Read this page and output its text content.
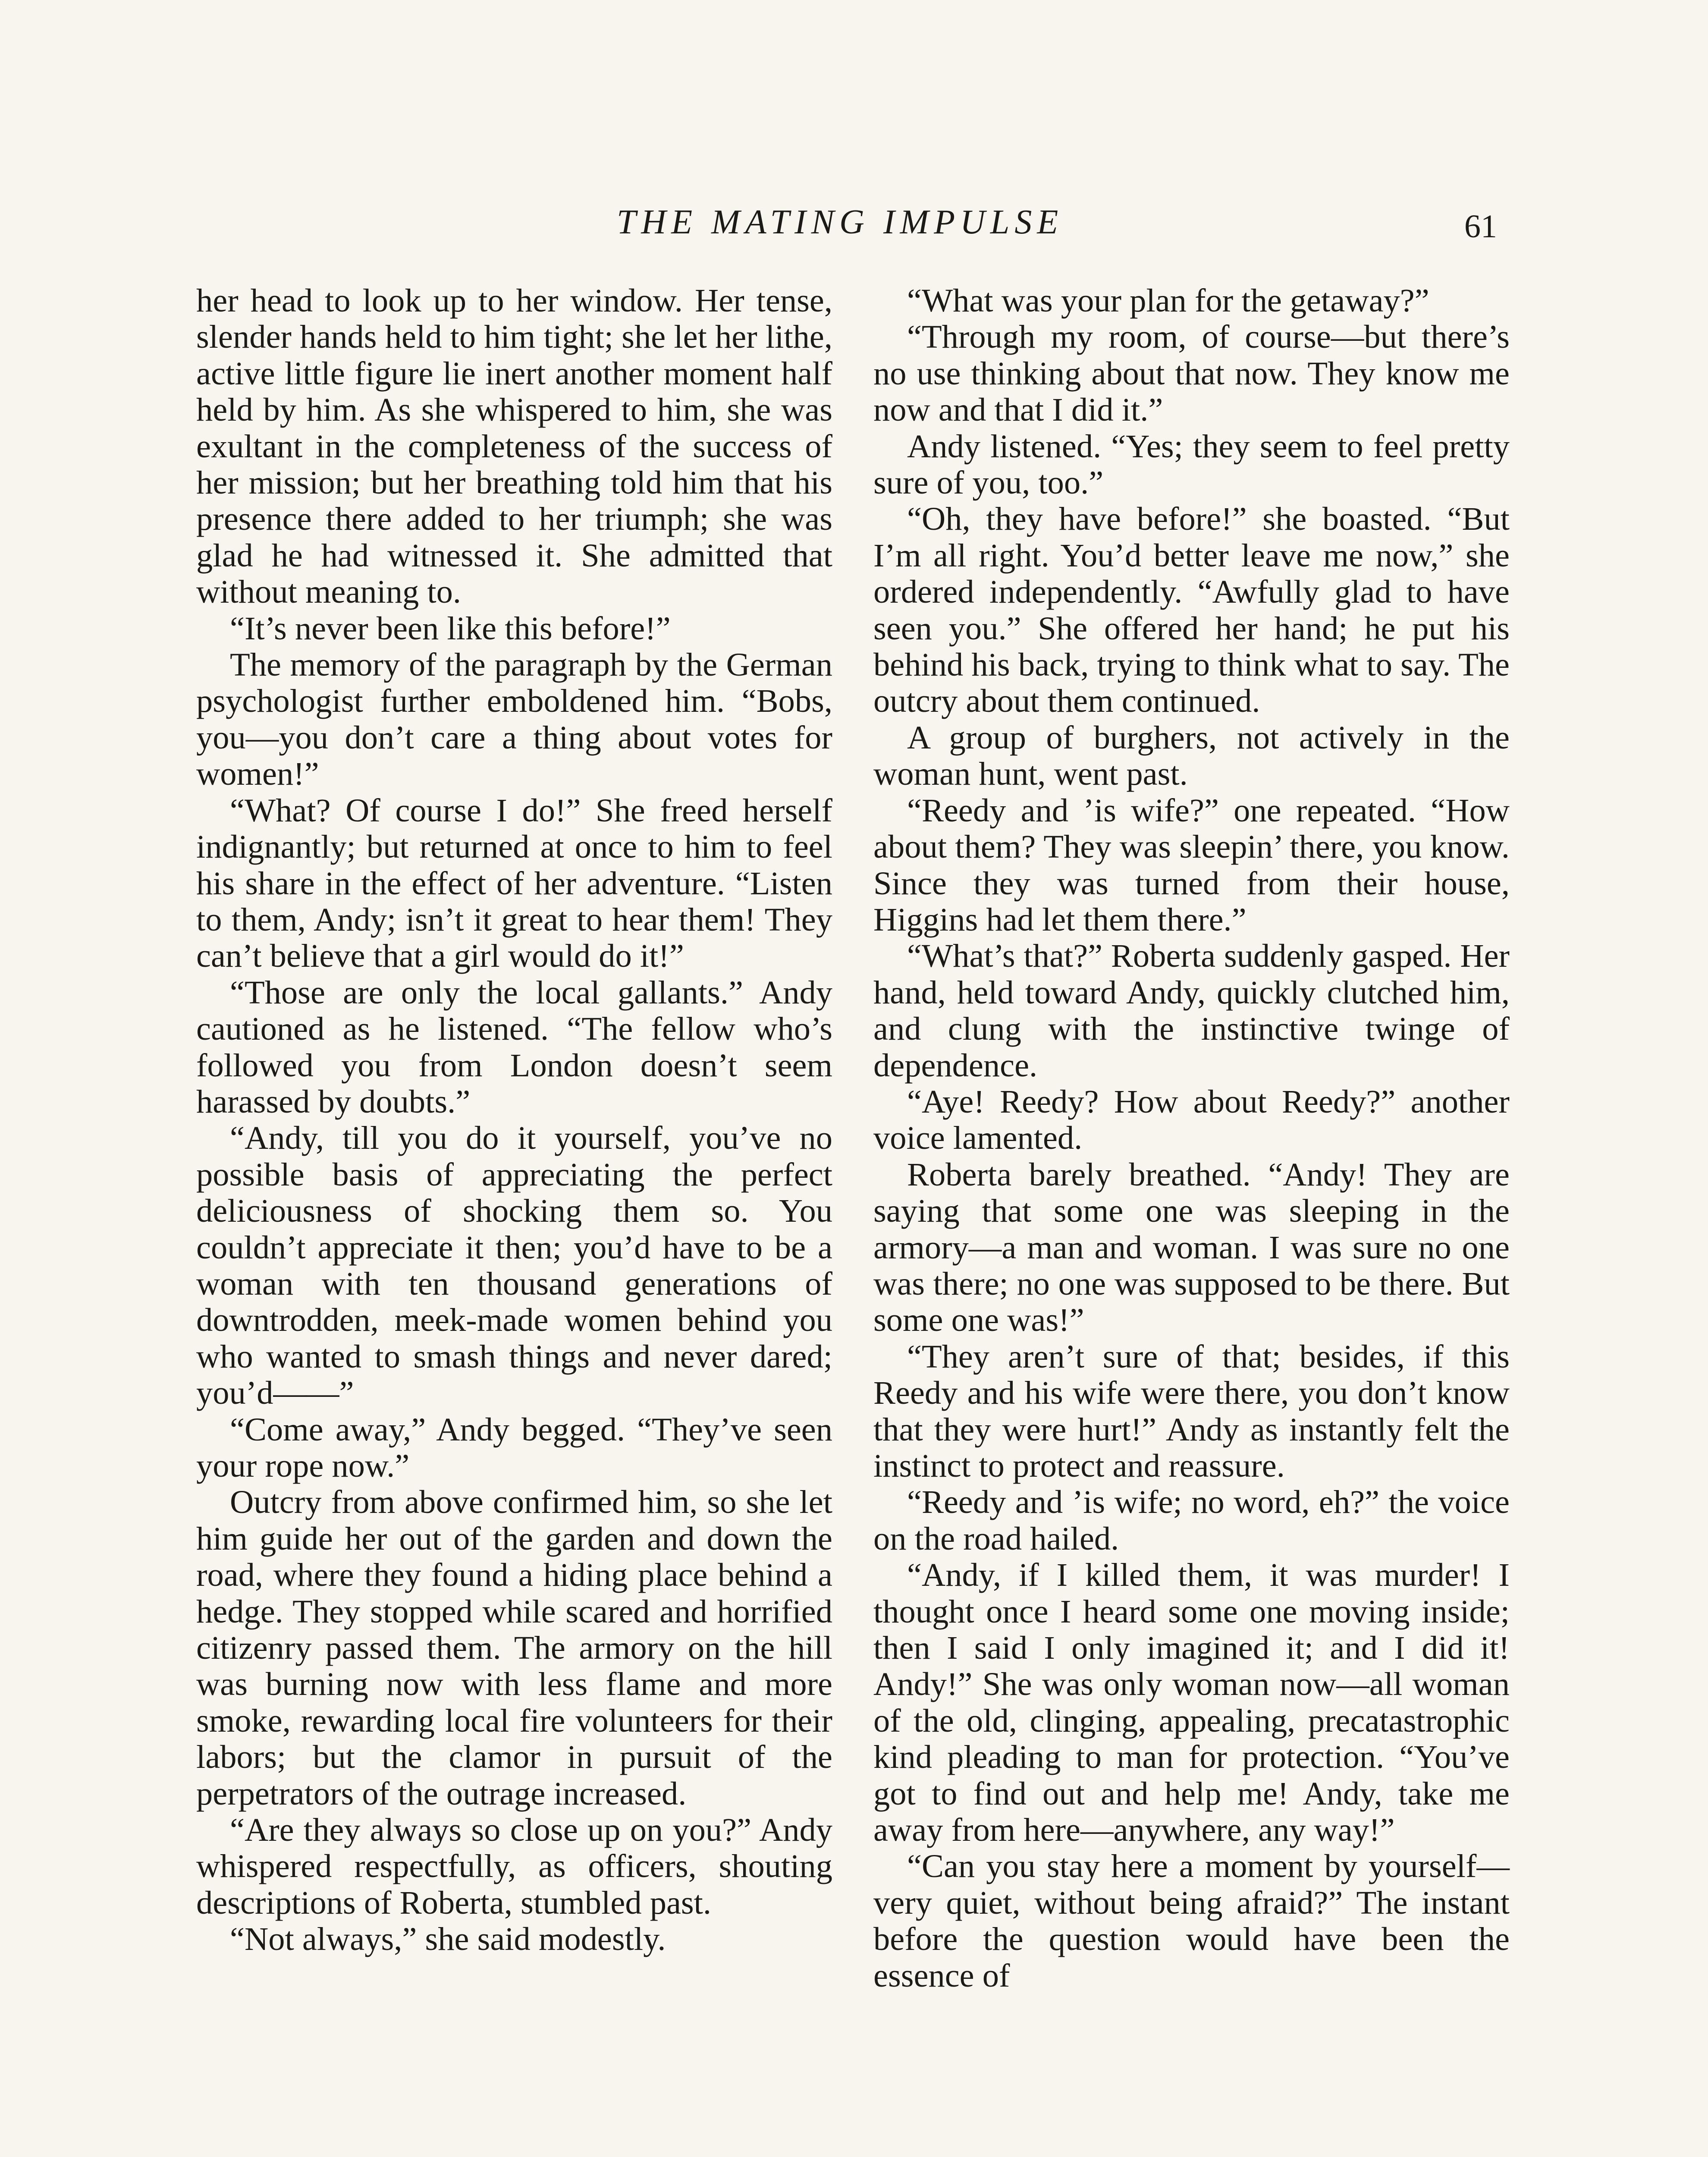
THE MATING IMPULSE	61

her head to look up to her window. Her tense, slender hands held to him tight; she let her lithe, active little figure lie inert another moment half held by him. As she whispered to him, she was exultant in the completeness of the success of her mission; but her breathing told him that his presence there added to her triumph; she was glad he had witnessed it. She admitted that without meaning to.

“It’s never been like this before!”

The memory of the paragraph by the German psychologist further emboldened him. “Bobs, you—you don’t care a thing about votes for women!”

“What? Of course I do!” She freed herself indignantly; but returned at once to him to feel his share in the effect of her adventure. “Listen to them, Andy; isn’t it great to hear them! They can’t believe that a girl would do it!”

“Those are only the local gallants.” Andy cautioned as he listened. “The fellow who’s followed you from London doesn’t seem harassed by doubts.”

“Andy, till you do it yourself, you’ve no possible basis of appreciating the perfect deliciousness of shocking them so. You couldn’t appreciate it then; you’d have to be a woman with ten thousand generations of downtrodden, meek-made women behind you who wanted to smash things and never dared; you’d——”

“Come away,” Andy begged. “They’ve seen your rope now.”

Outcry from above confirmed him, so she let him guide her out of the garden and down the road, where they found a hiding place behind a hedge. They stopped while scared and horrified citizenry passed them. The armory on the hill was burning now with less flame and more smoke, rewarding local fire volunteers for their labors; but the clamor in pursuit of the perpetrators of the outrage increased.

“Are they always so close up on you?” Andy whispered respectfully, as officers, shouting descriptions of Roberta, stumbled past.

“Not always,” she said modestly.

“What was your plan for the getaway?”

“Through my room, of course—but there’s no use thinking about that now. They know me now and that I did it.”

Andy listened. “Yes; they seem to feel pretty sure of you, too.”

“Oh, they have before!” she boasted. “But I’m all right. You’d better leave me now,” she ordered independently. “Awfully glad to have seen you.” She offered her hand; he put his behind his back, trying to think what to say. The outcry about them continued.

A group of burghers, not actively in the woman hunt, went past.

“Reedy and ’is wife?” one repeated. “How about them? They was sleepin’ there, you know. Since they was turned from their house, Higgins had let them there.”

“What’s that?” Roberta suddenly gasped. Her hand, held toward Andy, quickly clutched him, and clung with the instinctive twinge of dependence.

“Aye! Reedy? How about Reedy?” another voice lamented.

Roberta barely breathed. “Andy! They are saying that some one was sleeping in the armory—a man and woman. I was sure no one was there; no one was supposed to be there. But some one was!”

“They aren’t sure of that; besides, if this Reedy and his wife were there, you don’t know that they were hurt!” Andy as instantly felt the instinct to protect and reassure.

“Reedy and ’is wife; no word, eh?” the voice on the road hailed.

“Andy, if I killed them, it was murder! I thought once I heard some one moving inside; then I said I only imagined it; and I did it! Andy!” She was only woman now—all woman of the old, clinging, appealing, precatastrophic kind pleading to man for protection. “You’ve got to find out and help me! Andy, take me away from here—anywhere, any way!”

“Can you stay here a moment by yourself—very quiet, without being afraid?” The instant before the question would have been the essence of
